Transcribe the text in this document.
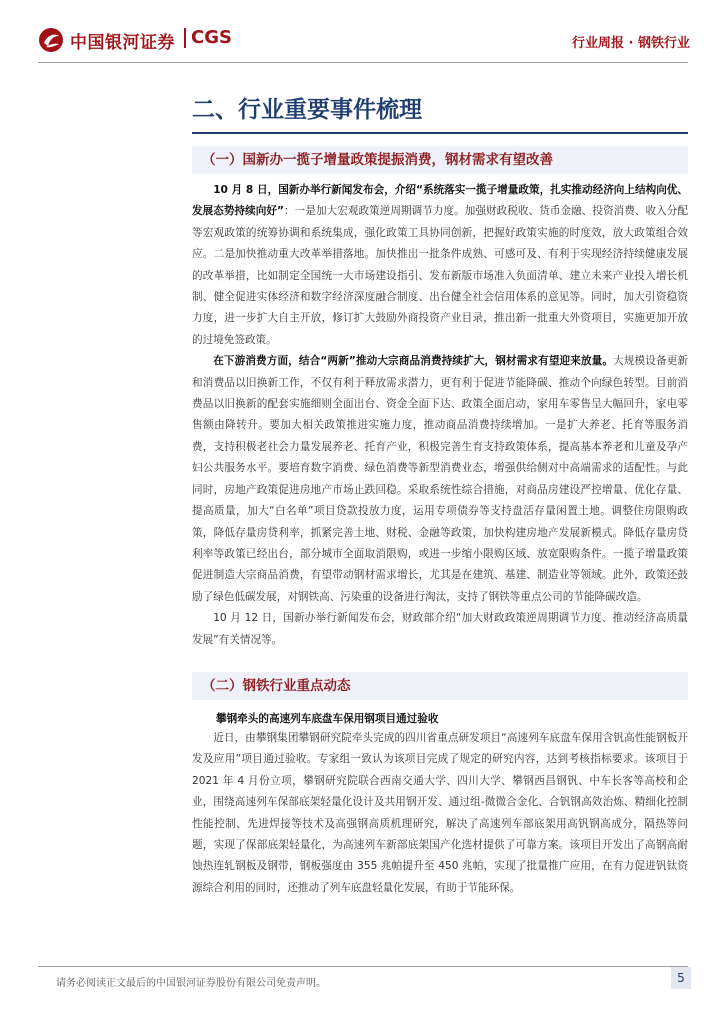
中国银河证券 CGS	行业周报 · 钢铁行业
二、行业重要事件梳理
（一）国新办一揽子增量政策提振消费，钢材需求有望改善

10 月 8 日，国新办举行新闻发布会，介绍“系统落实一揽子增量政策，扎实推动经济向上结构向优、发展态势持续向好”：一是加大宏观政策逆周期调节力度。加强财政税收、货币金融、投资消费、收入分配等宏观政策的统筹协调和系统集成，强化政策工具协同创新，把握好政策实施的时度效，放大政策组合效应。二是加快推动重大改革举措落地。加快推出一批条件成熟、可感可及、有利于实现经济持续健康发展的改革举措，比如制定全国统一大市场建设指引、发布新版市场准入负面清单、建立未来产业投入增长机制、健全促进实体经济和数字经济深度融合制度、出台健全社会信用体系的意见等。同时，加大引资稳资力度，进一步扩大自主开放，修订扩大鼓励外商投资产业目录，推出新一批重大外资项目，实施更加开放的过境免签政策。

在下游消费方面，结合“两新”推动大宗商品消费持续扩大，钢材需求有望迎来放量。大规模设备更新和消费品以旧换新工作，不仅有利于释放需求潜力，更有利于促进节能降碳、推动个向绿色转型。目前消费品以旧换新的配套实施细则全面出台、资金全面下达、政策全面启动，家用车零售呈大幅回升，家电零售额由降转升。要加大相关政策推进实施力度，推动商品消费持续增加。一是扩大养老、托育等服务消费，支持积极老社会力量发展养老、托育产业，积极完善生育支持政策体系，提高基本养老和儿童及孕产妇公共服务水平。要培育数字消费、绿色消费等新型消费业态，增强供给侧对中高端需求的适配性。与此同时，房地产政策促进房地产市场止跌回稳。采取系统性综合措施，对商品房建设严控增量、优化存量、提高质量，加大“白名单”项目贷款投放力度，运用专项债券等支持盘活存量闲置土地。调整住房限购政策，降低存量房贷利率，抓紧完善土地、财税、金融等政策，加快构建房地产发展新模式。降低存量房贷利率等政策已经出台，部分城市全面取消限购，或进一步缩小限购区域、放宽限购条件。一揽子增量政策促进制造大宗商品消费，有望带动钢材需求增长，尤其是在建筑、基建、制造业等领域。此外，政策还鼓励了绿色低碳发展，对钢铁高、污染重的设备进行淘汰，支持了钢铁等重点公司的节能降碳改造。

10 月 12 日，国新办举行新闻发布会，财政部介绍“加大财政政策逆周期调节力度、推动经济高质量发展”有关情况等。

（二）钢铁行业重点动态
攀钢牵头的高速列车底盘车保用钢项目通过验收

近日，由攀钢集团攀钢研究院牵头完成的四川省重点研发项目“高速列车底盘车保用含钒高性能钢板开发及应用”项目通过验收。专家组一致认为该项目完成了规定的研究内容，达到考核指标要求。该项目于 2021 年 4 月份立项，攀钢研究院联合西南交通大学、四川大学、攀钢西昌钢钒、中车长客等高校和企业，围绕高速列车保部底架轻量化设计及共用钢开发、通过组-微微合金化、合钒钢高效治炼、精细化控制性能控制、先进焊接等技术及高强钢高质机理研究，解决了高速列车部底架用高钒钢高成分，隔热等问题，实现了保部底架轻量化，为高速列车新部底架国产化选材提供了可靠方案。该项目开发出了高钢高耐蚀热连轧钢板及钢带，钢板强度由 355 兆帕提升至 450 兆帕，实现了批量推广应用，在有力促进钒钛资源综合利用的同时，还推动了列车底盘轻量化发展，有助于节能环保。

请务必阅读正文最后的中国银河证券股份有限公司免责声明。	5
